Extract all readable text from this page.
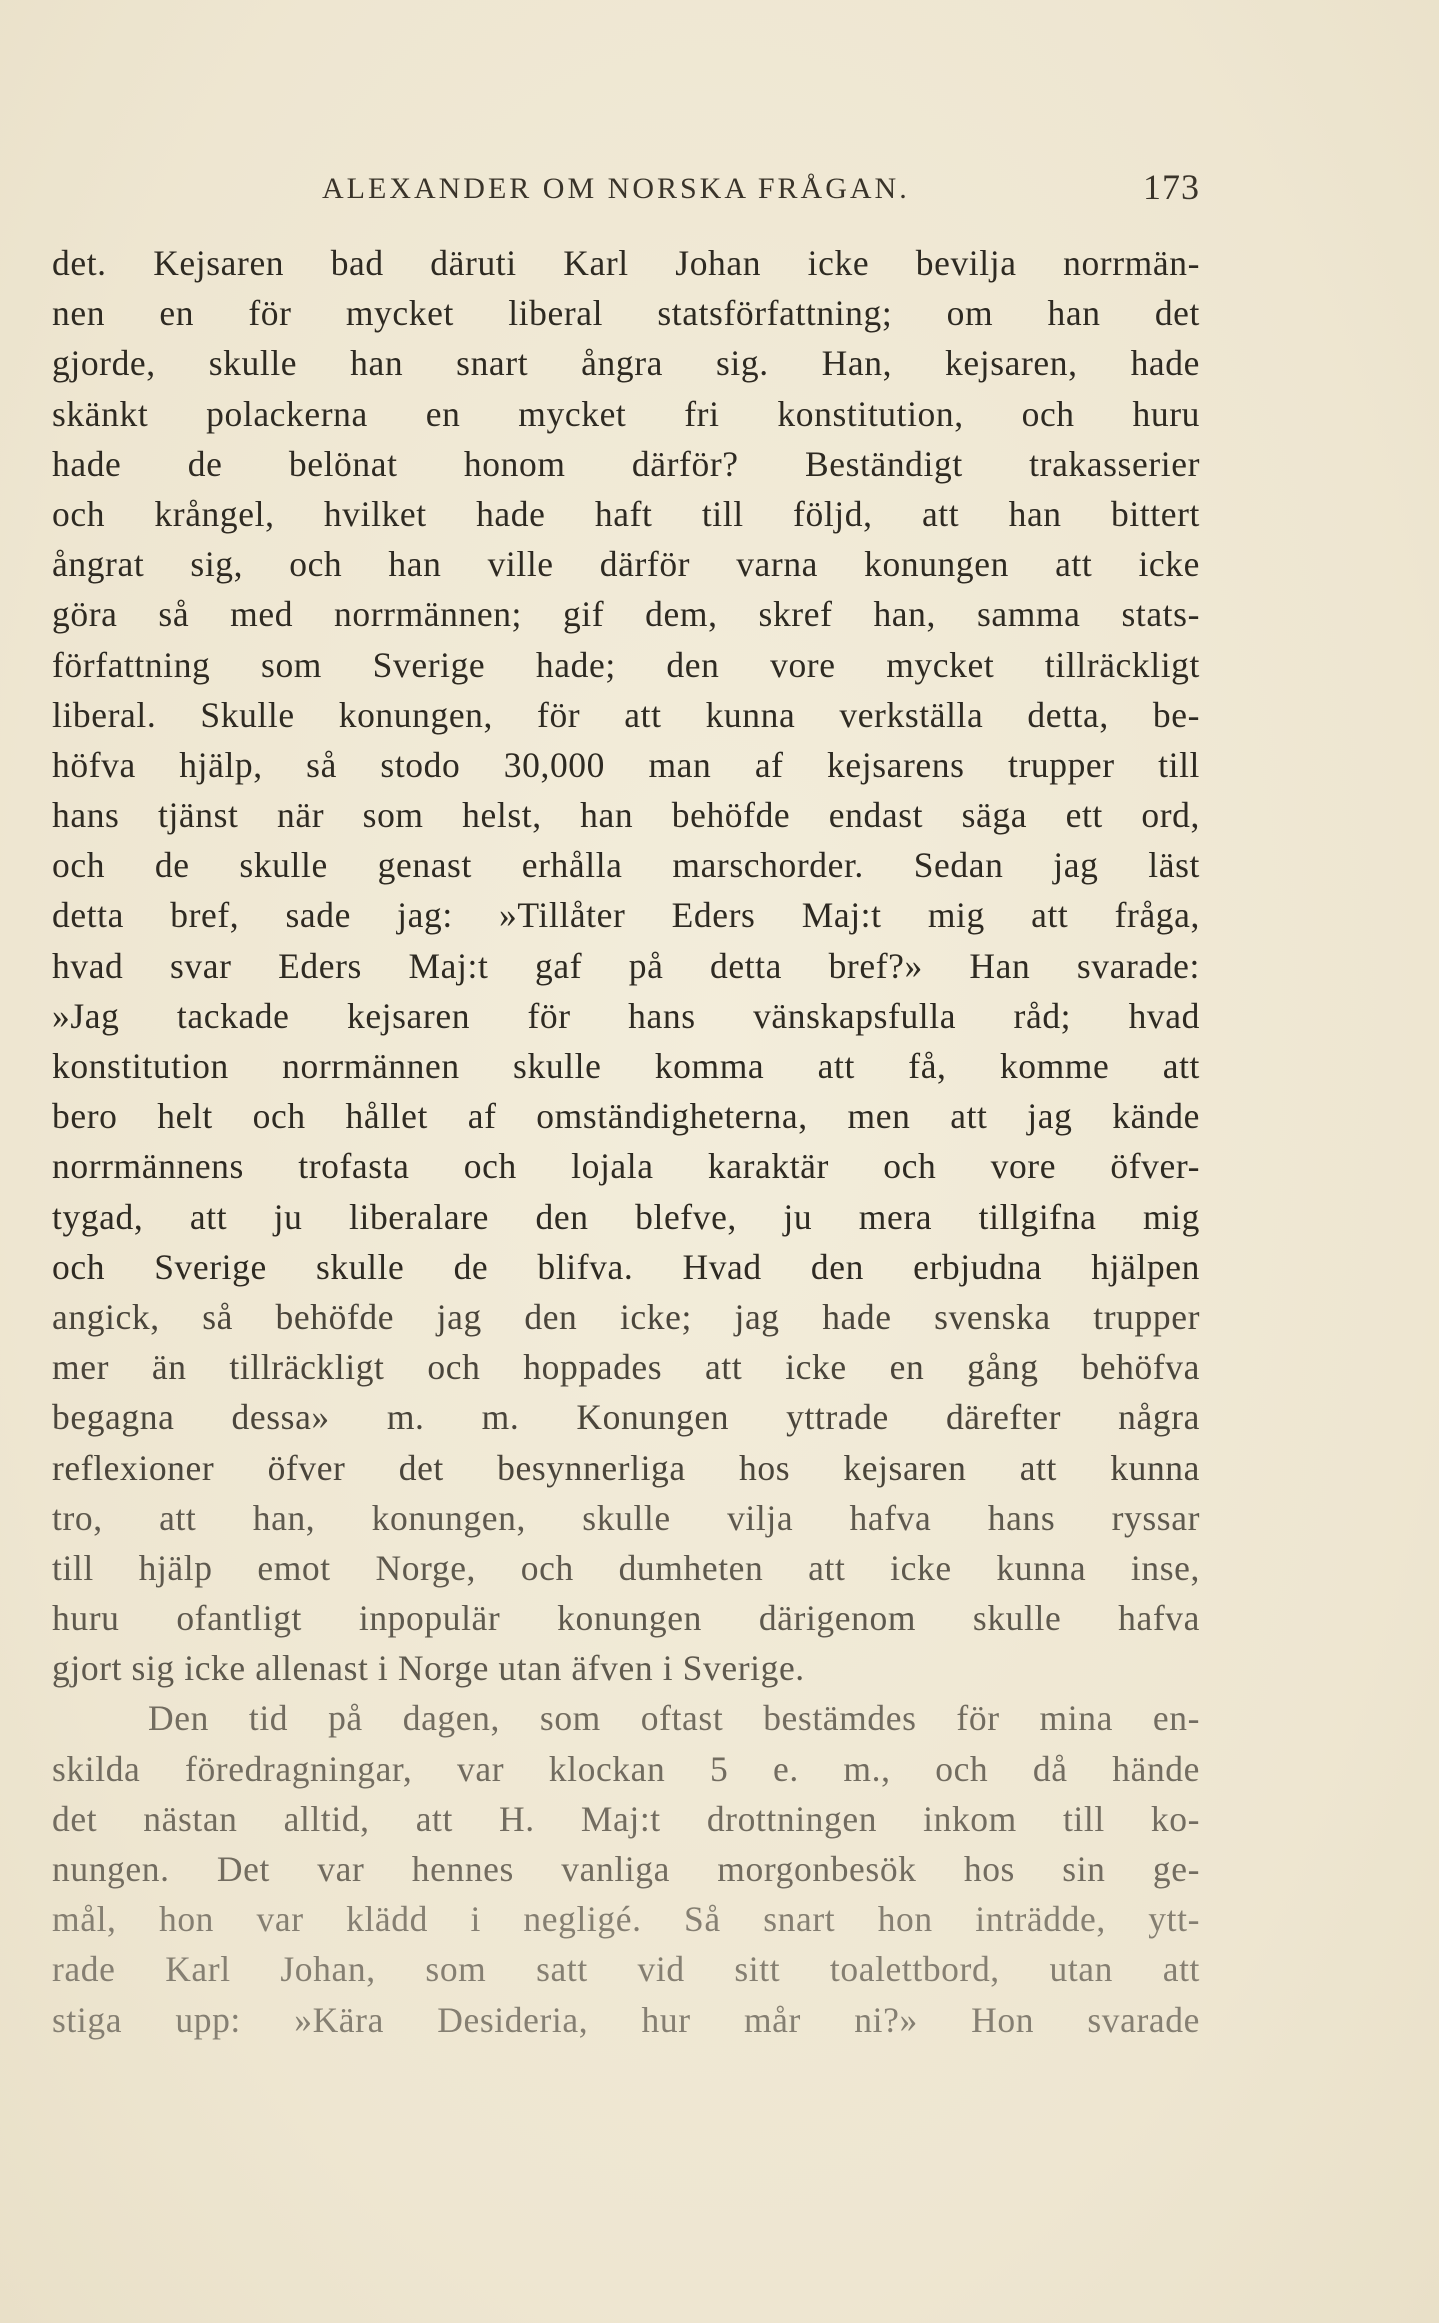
ALEXANDER OM NORSKA FRÅGAN.	173
det. Kejsaren bad däruti Karl Johan icke bevilja norrmän-
nen en för mycket liberal statsförfattning; om han det
gjorde, skulle han snart ångra sig. Han, kejsaren, hade
skänkt polackerna en mycket fri konstitution, och huru
hade de belönat honom därför? Beständigt trakasserier
och krångel, hvilket hade haft till följd, att han bittert
ångrat sig, och han ville därför varna konungen att icke
göra så med norrmännen; gif dem, skref han, samma stats-
författning som Sverige hade; den vore mycket tillräckligt
liberal. Skulle konungen, för att kunna verkställa detta, be-
höfva hjälp, så stodo 30,000 man af kejsarens trupper till
hans tjänst när som helst, han behöfde endast säga ett ord,
och de skulle genast erhålla marschorder. Sedan jag läst
detta bref, sade jag: »Tillåter Eders Maj:t mig att fråga,
hvad svar Eders Maj:t gaf på detta bref?» Han svarade:
»Jag tackade kejsaren för hans vänskapsfulla råd; hvad
konstitution norrmännen skulle komma att få, komme att
bero helt och hållet af omständigheterna, men att jag kände
norrmännens trofasta och lojala karaktär och vore öfver-
tygad, att ju liberalare den blefve, ju mera tillgifna mig
och Sverige skulle de blifva. Hvad den erbjudna hjälpen
angick, så behöfde jag den icke; jag hade svenska trupper
mer än tillräckligt och hoppades att icke en gång behöfva
begagna dessa» m. m. Konungen yttrade därefter några
reflexioner öfver det besynnerliga hos kejsaren att kunna
tro, att han, konungen, skulle vilja hafva hans ryssar
till hjälp emot Norge, och dumheten att icke kunna inse,
huru ofantligt inpopulär konungen därigenom skulle hafva
gjort sig icke allenast i Norge utan äfven i Sverige.
Den tid på dagen, som oftast bestämdes för mina en-
skilda föredragningar, var klockan 5 e. m., och då hände
det nästan alltid, att H. Maj:t drottningen inkom till ko-
nungen. Det var hennes vanliga morgonbesök hos sin ge-
mål, hon var klädd i negligé. Så snart hon inträdde, ytt-
rade Karl Johan, som satt vid sitt toalettbord, utan att
stiga upp: »Kära Desideria, hur mår ni?» Hon svarade
